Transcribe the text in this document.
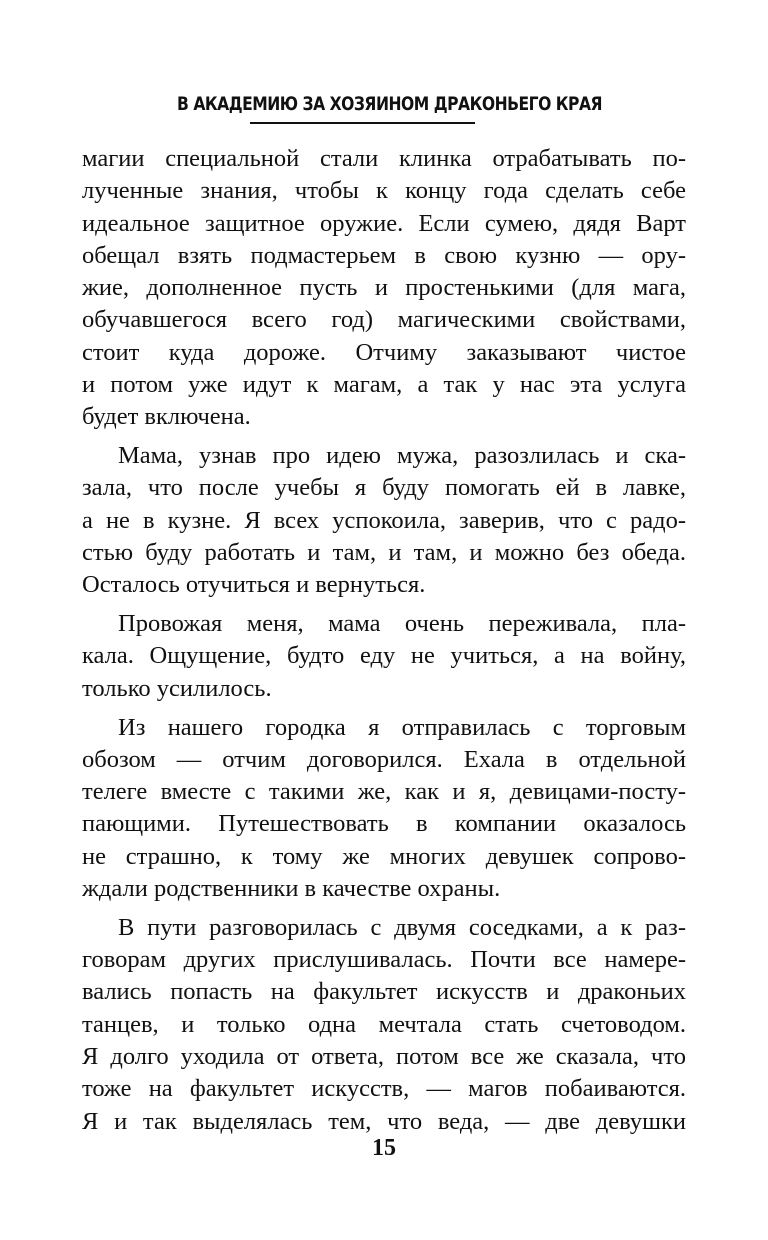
В АКАДЕМИЮ ЗА ХОЗЯИНОМ ДРАКОНЬЕГО КРАЯ
магии специальной стали клинка отрабатывать по-
лученные знания, чтобы к концу года сделать себе
идеальное защитное оружие. Если сумею, дядя Варт
обещал взять подмастерьем в свою кузню — ору-
жие, дополненное пусть и простенькими (для мага,
обучавшегося всего год) магическими свойствами,
стоит куда дороже. Отчиму заказывают чистое
и потом уже идут к магам, а так у нас эта услуга
будет включена.
Мама, узнав про идею мужа, разозлилась и ска-
зала, что после учебы я буду помогать ей в лавке,
а не в кузне. Я всех успокоила, заверив, что с радо-
стью буду работать и там, и там, и можно без обеда.
Осталось отучиться и вернуться.
Провожая меня, мама очень переживала, пла-
кала. Ощущение, будто еду не учиться, а на войну,
только усилилось.
Из нашего городка я отправилась с торговым
обозом — отчим договорился. Ехала в отдельной
телеге вместе с такими же, как и я, девицами-посту-
пающими. Путешествовать в компании оказалось
не страшно, к тому же многих девушек сопрово-
ждали родственники в качестве охраны.
В пути разговорилась с двумя соседками, а к раз-
говорам других прислушивалась. Почти все намере-
вались попасть на факультет искусств и драконьих
танцев, и только одна мечтала стать счетоводом.
Я долго уходила от ответа, потом все же сказала, что
тоже на факультет искусств, — магов побаиваются.
Я и так выделялась тем, что веда, — две девушки
15
